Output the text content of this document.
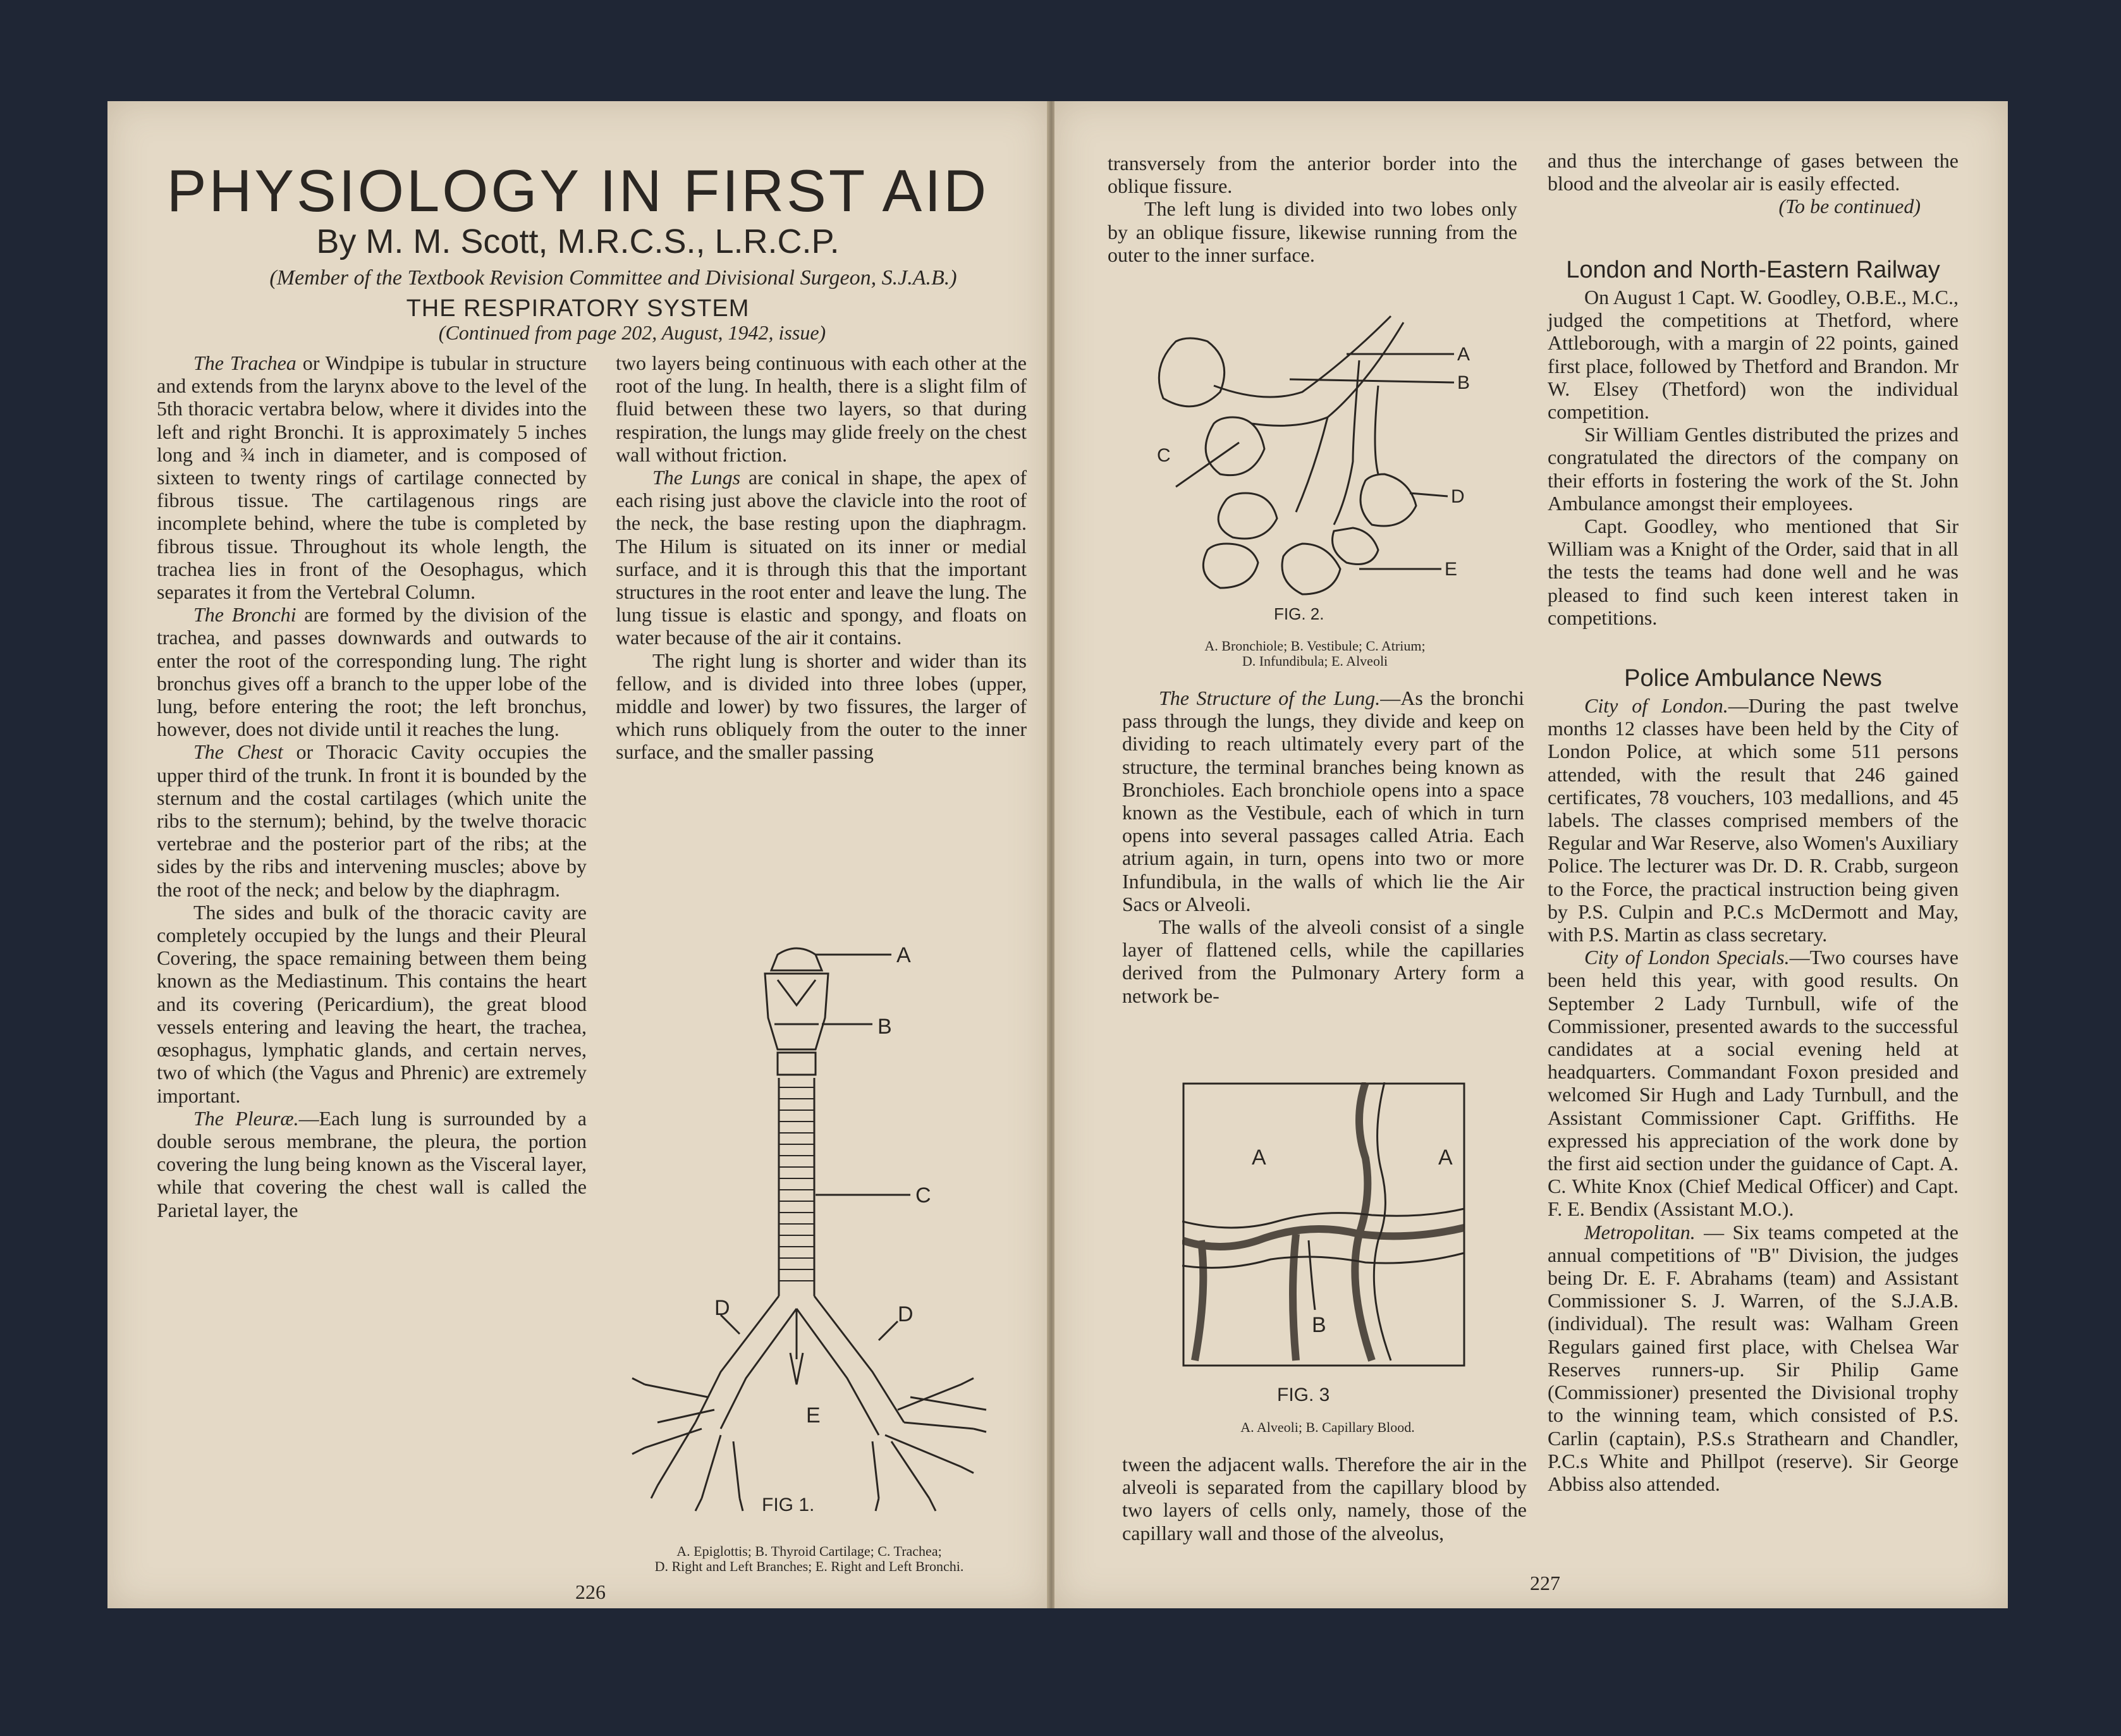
PHYSIOLOGY IN FIRST AID
By M. M. Scott, M.R.C.S., L.R.C.P.
(Member of the Textbook Revision Committee and Divisional Surgeon, S.J.A.B.)
THE RESPIRATORY SYSTEM
(Continued from page 202, August, 1942, issue)

The Trachea or Windpipe is tubular in structure and extends from the larynx above to the level of the 5th thoracic vertabra below, where it divides into the left and right Bronchi. It is approximately 5 inches long and ¾ inch in diameter, and is composed of sixteen to twenty rings of cartilage connected by fibrous tissue. The cartilagenous rings are incomplete behind, where the tube is completed by fibrous tissue. Throughout its whole length, the trachea lies in front of the Oesophagus, which separates it from the Vertebral Column.

The Bronchi are formed by the division of the trachea, and passes downwards and outwards to enter the root of the corresponding lung. The right bronchus gives off a branch to the upper lobe of the lung, before entering the root; the left bronchus, however, does not divide until it reaches the lung.

The Chest or Thoracic Cavity occupies the upper third of the trunk. In front it is bounded by the sternum and the costal cartilages (which unite the ribs to the sternum); behind, by the twelve thoracic vertebrae and the posterior part of the ribs; at the sides by the ribs and intervening muscles; above by the root of the neck; and below by the diaphragm.

The sides and bulk of the thoracic cavity are completely occupied by the lungs and their Pleural Covering, the space remaining between them being known as the Mediastinum. This contains the heart and its covering (Pericardium), the great blood vessels entering and leaving the heart, the trachea, œsophagus, lymphatic glands, and certain nerves, two of which (the Vagus and Phrenic) are extremely important.

The Pleuræ.—Each lung is surrounded by a double serous membrane, the pleura, the portion covering the lung being known as the Visceral layer, while that covering the chest wall is called the Parietal layer, the

two layers being continuous with each other at the root of the lung. In health, there is a slight film of fluid between these two layers, so that during respiration, the lungs may glide freely on the chest wall without friction.

The Lungs are conical in shape, the apex of each rising just above the clavicle into the root of the neck, the base resting upon the diaphragm. The Hilum is situated on its inner or medial surface, and it is through this that the important structures in the root enter and leave the lung. The lung tissue is elastic and spongy, and floats on water because of the air it contains.

The right lung is shorter and wider than its fellow, and is divided into three lobes (upper, middle and lower) by two fissures, the larger of which runs obliquely from the outer to the inner surface, and the smaller passing

A
B
C
D	D
E
FIG 1.
A. Epiglottis; B. Thyroid Cartilage; C. Trachea;
D. Right and Left Branches; E. Right and Left Bronchi.
226

transversely from the anterior border into the oblique fissure.

The left lung is divided into two lobes only by an oblique fissure, likewise running from the outer to the inner surface.

A
B
C
D
E
FIG. 2.
A. Bronchiole; B. Vestibule; C. Atrium;
D. Infundibula; E. Alveoli

The Structure of the Lung.—As the bronchi pass through the lungs, they divide and keep on dividing to reach ultimately every part of the structure, the terminal branches being known as Bronchioles. Each bronchiole opens into a space known as the Vestibule, each of which in turn opens into several passages called Atria. Each atrium again, in turn, opens into two or more Infundibula, in the walls of which lie the Air Sacs or Alveoli.

The walls of the alveoli consist of a single layer of flattened cells, while the capillaries derived from the Pulmonary Artery form a network be-

A	A
B
FIG. 3
A. Alveoli; B. Capillary Blood.

tween the adjacent walls. Therefore the air in the alveoli is separated from the capillary blood by two layers of cells only, namely, those of the capillary wall and those of the alveolus,

and thus the interchange of gases between the blood and the alveolar air is easily effected.

(To be continued)
London and North-Eastern Railway

On August 1 Capt. W. Goodley, O.B.E., M.C., judged the competitions at Thetford, where Attleborough, with a margin of 22 points, gained first place, followed by Thetford and Brandon. Mr W. Elsey (Thetford) won the individual competition.

Sir William Gentles distributed the prizes and congratulated the directors of the company on their efforts in fostering the work of the St. John Ambulance amongst their employees.

Capt. Goodley, who mentioned that Sir William was a Knight of the Order, said that in all the tests the teams had done well and he was pleased to find such keen interest taken in competitions.

Police Ambulance News

City of London.—During the past twelve months 12 classes have been held by the City of London Police, at which some 511 persons attended, with the result that 246 gained certificates, 78 vouchers, 103 medallions, and 45 labels. The classes comprised members of the Regular and War Reserve, also Women's Auxiliary Police. The lecturer was Dr. D. R. Crabb, surgeon to the Force, the practical instruction being given by P.S. Culpin and P.C.s McDermott and May, with P.S. Martin as class secretary.

City of London Specials.—Two courses have been held this year, with good results. On September 2 Lady Turnbull, wife of the Commissioner, presented awards to the successful candidates at a social evening held at headquarters. Commandant Foxon presided and welcomed Sir Hugh and Lady Turnbull, and the Assistant Commissioner Capt. Griffiths. He expressed his appreciation of the work done by the first aid section under the guidance of Capt. A. C. White Knox (Chief Medical Officer) and Capt. F. E. Bendix (Assistant M.O.).

Metropolitan. — Six teams competed at the annual competitions of "B" Division, the judges being Dr. E. F. Abrahams (team) and Assistant Commissioner S. J. Warren, of the S.J.A.B. (individual). The result was: Walham Green Regulars gained first place, with Chelsea War Reserves runners-up. Sir Philip Game (Commissioner) presented the Divisional trophy to the winning team, which consisted of P.S. Carlin (captain), P.S.s Strathearn and Chandler, P.C.s White and Phillpot (reserve). Sir George Abbiss also attended.

227
